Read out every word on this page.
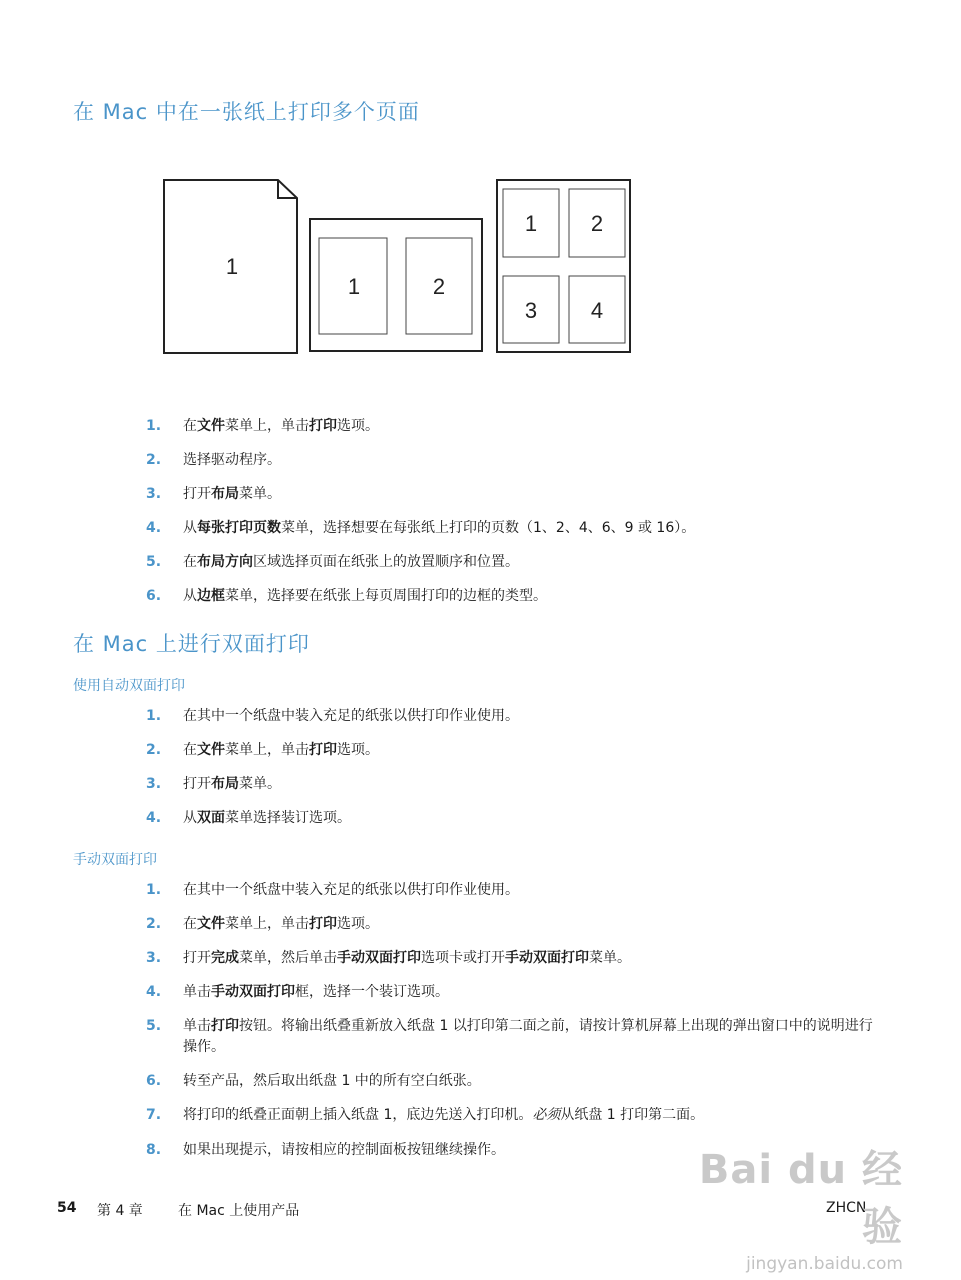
在 Mac 中在一张纸上打印多个页面
1
1	2
1 2
3 4
1. 在文件菜单上，单击打印选项。
2. 选择驱动程序。
3. 打开布局菜单。
4. 从每张打印页数菜单，选择想要在每张纸上打印的页数（1、2、4、6、9 或 16）。
5. 在布局方向区域选择页面在纸张上的放置顺序和位置。
6. 从边框菜单，选择要在纸张上每页周围打印的边框的类型。
在 Mac 上进行双面打印
使用自动双面打印
1. 在其中一个纸盘中装入充足的纸张以供打印作业使用。
2. 在文件菜单上，单击打印选项。
3. 打开布局菜单。
4. 从双面菜单选择装订选项。
手动双面打印
1. 在其中一个纸盘中装入充足的纸张以供打印作业使用。
2. 在文件菜单上，单击打印选项。
3. 打开完成菜单，然后单击手动双面打印选项卡或打开手动双面打印菜单。
4. 单击手动双面打印框，选择一个装订选项。
5. 单击打印按钮。将输出纸叠重新放入纸盘 1 以打印第二面之前，请按计算机屏幕上出现的弹出窗口中的说明进行操作。
6. 转至产品，然后取出纸盘 1 中的所有空白纸张。
7. 将打印的纸叠正面朝上插入纸盘 1，底边先送入打印机。必须从纸盘 1 打印第二面。
8. 如果出现提示，请按相应的控制面板按钮继续操作。
54 第 4 章	在 Mac 上使用产品	ZHCN
Bai du 经验
jingyan.baidu.com
